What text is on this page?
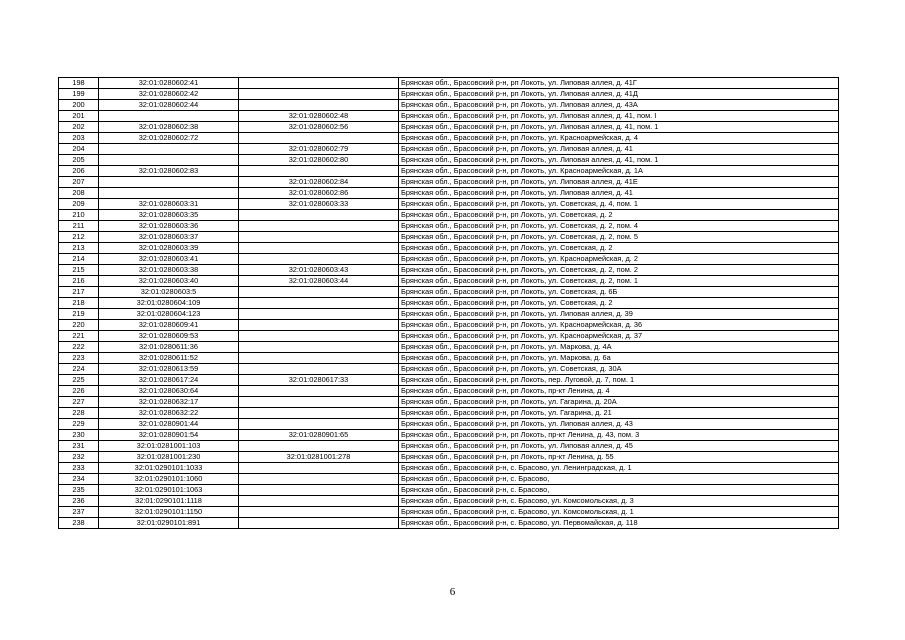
198	32:01:0280602:41		Брянская обл., Брасовский р-н, рп Локоть, ул. Липовая аллея, д. 41Г
199	32:01:0280602:42		Брянская обл., Брасовский р-н, рп Локоть, ул. Липовая аллея, д. 41Д
200	32:01:0280602:44		Брянская обл., Брасовский р-н, рп Локоть, ул. Липовая аллея, д. 43А
201		32:01:0280602:48	Брянская обл., Брасовский р-н, рп Локоть, ул. Липовая аллея, д. 41, пом. I
202	32:01:0280602:38	32:01:0280602:56	Брянская обл., Брасовский р-н, рп Локоть, ул. Липовая аллея, д. 41, пом. 1
203	32:01:0280602:72		Брянская обл., Брасовский р-н, рп Локоть, ул. Красноармейская, д. 4
204		32:01:0280602:79	Брянская обл., Брасовский р-н, рп Локоть, ул. Липовая аллея, д. 41
205		32:01:0280602:80	Брянская обл., Брасовский р-н, рп Локоть, ул. Липовая аллея, д. 41, пом. 1
206	32:01:0280602:83		Брянская обл., Брасовский р-н, рп Локоть, ул. Красноармейская, д. 1А
207		32:01:0280602:84	Брянская обл., Брасовский р-н, рп Локоть, ул. Липовая аллея, д. 41Е
208		32:01:0280602:86	Брянская обл., Брасовский р-н, рп Локоть, ул. Липовая аллея, д. 41
209	32:01:0280603:31	32:01:0280603:33	Брянская обл., Брасовский р-н, рп Локоть, ул. Советская, д. 4, пом. 1
210	32:01:0280603:35		Брянская обл., Брасовский р-н, рп Локоть, ул. Советская, д. 2
211	32:01:0280603:36		Брянская обл., Брасовский р-н, рп Локоть, ул. Советская, д. 2, пом. 4
212	32:01:0280603:37		Брянская обл., Брасовский р-н, рп Локоть, ул. Советская, д. 2, пом. 5
213	32:01:0280603:39		Брянская обл., Брасовский р-н, рп Локоть, ул. Советская, д. 2
214	32:01:0280603:41		Брянская обл., Брасовский р-н, рп Локоть, ул. Красноармейская, д. 2
215	32:01:0280603:38	32:01:0280603:43	Брянская обл., Брасовский р-н, рп Локоть, ул. Советская, д. 2, пом. 2
216	32:01:0280603:40	32:01:0280603:44	Брянская обл., Брасовский р-н, рп Локоть, ул. Советская, д. 2, пом. 1
217	32:01:0280603:5		Брянская обл., Брасовский р-н, рп Локоть, ул. Советская, д. 6Б
218	32:01:0280604:109		Брянская обл., Брасовский р-н, рп Локоть, ул. Советская, д. 2
219	32:01:0280604:123		Брянская обл., Брасовский р-н, рп Локоть, ул. Липовая аллея, д. 39
220	32:01:0280609:41		Брянская обл., Брасовский р-н, рп Локоть, ул. Красноармейская, д. 36
221	32:01:0280609:53		Брянская обл., Брасовский р-н, рп Локоть, ул. Красноармейская, д. 37
222	32:01:0280611:36		Брянская обл., Брасовский р-н, рп Локоть, ул. Маркова, д. 4А
223	32:01:0280611:52		Брянская обл., Брасовский р-н, рп Локоть, ул. Маркова, д. 6а
224	32:01:0280613:59		Брянская обл., Брасовский р-н, рп Локоть, ул. Советская, д. 30А
225	32:01:0280617:24	32:01:0280617:33	Брянская обл., Брасовский р-н, рп Локоть, пер. Луговой, д. 7, пом. 1
226	32:01:0280630:64		Брянская обл., Брасовский р-н, рп Локоть, пр-кт Ленина, д. 4
227	32:01:0280632:17		Брянская обл., Брасовский р-н, рп Локоть, ул. Гагарина, д. 20А
228	32:01:0280632:22		Брянская обл., Брасовский р-н, рп Локоть, ул. Гагарина, д. 21
229	32:01:0280901:44		Брянская обл., Брасовский р-н, рп Локоть, ул. Липовая аллея, д. 43
230	32:01:0280901:54	32:01:0280901:65	Брянская обл., Брасовский р-н, рп Локоть, пр-кт Ленина, д. 43, пом. 3
231	32:01:0281001:103		Брянская обл., Брасовский р-н, рп Локоть, ул. Липовая аллея, д. 45
232	32:01:0281001:230	32:01:0281001:278	Брянская обл., Брасовский р-н, рп Локоть, пр-кт Ленина, д. 55
233	32:01:0290101:1033		Брянская обл., Брасовский р-н, с. Брасово, ул. Ленинградская, д. 1
234	32:01:0290101:1060		Брянская обл., Брасовский р-н, с. Брасово,
235	32:01:0290101:1063		Брянская обл., Брасовский р-н, с. Брасово,
236	32:01:0290101:1118		Брянская обл., Брасовский р-н, с. Брасово, ул. Комсомольская, д. 3
237	32:01:0290101:1150		Брянская обл., Брасовский р-н, с. Брасово, ул. Комсомольская, д. 1
238	32:01:0290101:891		Брянская обл., Брасовский р-н, с. Брасово, ул. Первомайская, д. 118
6
